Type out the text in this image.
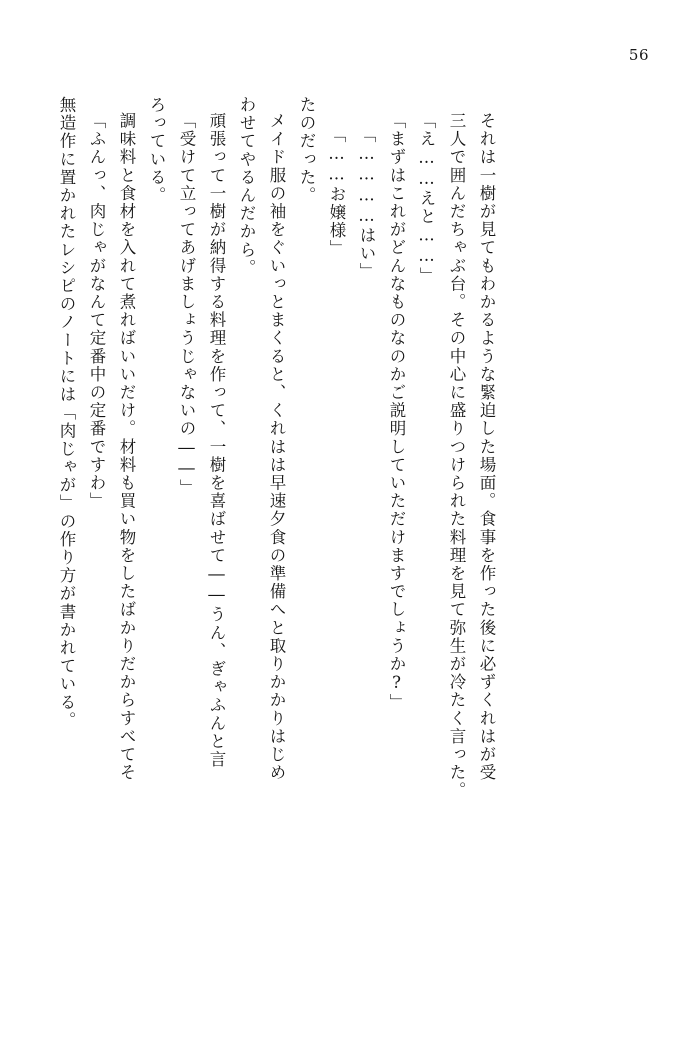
56
無造作に置かれたレシピのノートには「肉じゃが」の作り方が書かれている。 「ふんっ、肉じゃがなんて定番中の定番ですわ」 調味料と食材を入れて煮ればいいだけ。材料も買い物をしたばかりだからすべてそ ろっている。 「受けて立ってあげましょうじゃないの――」 頑張って一樹が納得する料理を作って、一樹を喜ばせて――うん、ぎゃふんと言 わせてやるんだから。 メイド服の袖をぐいっとまくると、くれはは早速夕食の準備へと取りかかりはじめ たのだった。 「……お嬢様」 「…………はい」 「まずはこれがどんなものなのかご説明していただけますでしょうか?」 「え……えと……」 三人で囲んだちゃぶ台。その中心に盛りつけられた料理を見て弥生が冷たく言った。 それは一樹が見てもわかるような緊迫した場面。食事を作った後に必ずくれはが受
